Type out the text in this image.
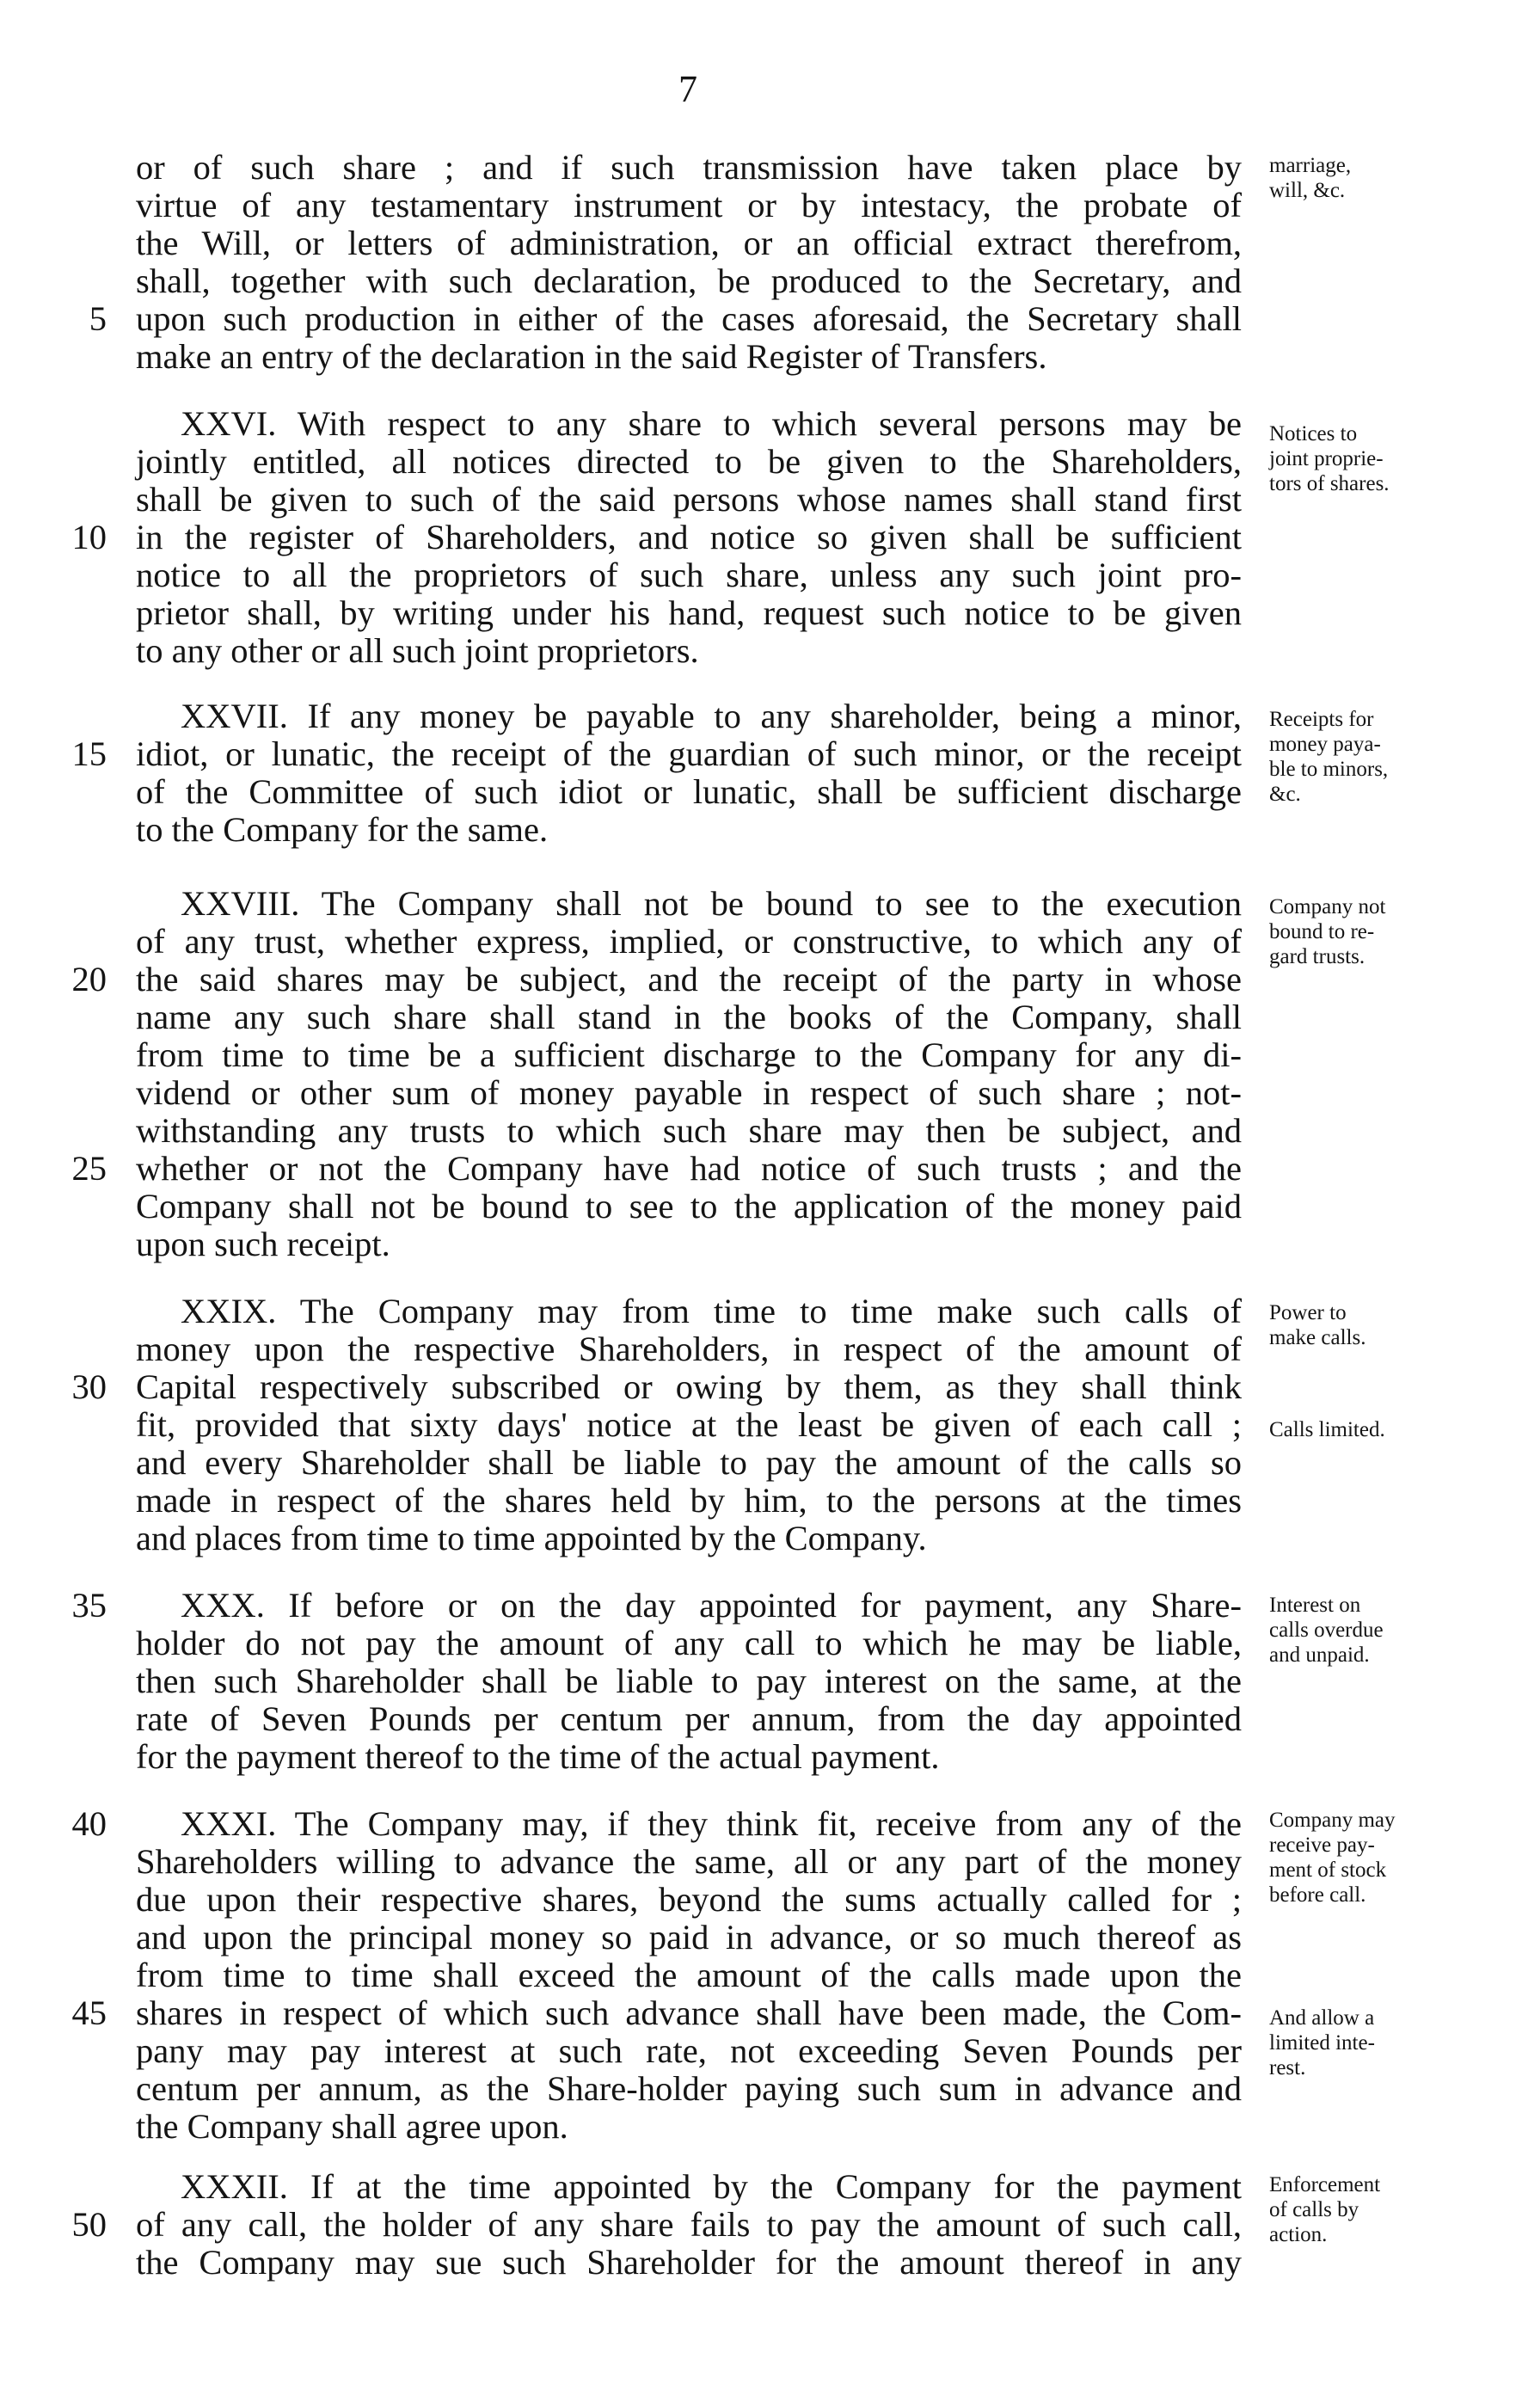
7
or of such share ; and if such transmission have taken place by
virtue of any testamentary instrument or by intestacy, the probate of
the Will, or letters of administration, or an official extract therefrom,
shall, together with such declaration, be produced to the Secretary, and
5 upon such production in either of the cases aforesaid, the Secretary shall
make an entry of the declaration in the said Register of Transfers.
marriage,
will, &c.
XXVI. With respect to any share to which several persons may be
jointly entitled, all notices directed to be given to the Shareholders,
shall be given to such of the said persons whose names shall stand first
10 in the register of Shareholders, and notice so given shall be sufficient
notice to all the proprietors of such share, unless any such joint pro-
prietor shall, by writing under his hand, request such notice to be given
to any other or all such joint proprietors.
Notices to
joint proprie-
tors of shares.
XXVII. If any money be payable to any shareholder, being a minor,
15 idiot, or lunatic, the receipt of the guardian of such minor, or the receipt
of the Committee of such idiot or lunatic, shall be sufficient discharge
to the Company for the same.
Receipts for
money paya-
ble to minors,
&c.
XXVIII. The Company shall not be bound to see to the execution
of any trust, whether express, implied, or constructive, to which any of
20 the said shares may be subject, and the receipt of the party in whose
name any such share shall stand in the books of the Company, shall
from time to time be a sufficient discharge to the Company for any di-
vidend or other sum of money payable in respect of such share ; not-
withstanding any trusts to which such share may then be subject, and
25 whether or not the Company have had notice of such trusts ; and the
Company shall not be bound to see to the application of the money paid
upon such receipt.
Company not
bound to re-
gard trusts.
XXIX. The Company may from time to time make such calls of
money upon the respective Shareholders, in respect of the amount of
30 Capital respectively subscribed or owing by them, as they shall think
fit, provided that sixty days' notice at the least be given of each call ;
and every Shareholder shall be liable to pay the amount of the calls so
made in respect of the shares held by him, to the persons at the times
and places from time to time appointed by the Company.
Power to
make calls.
Calls limited.
35	XXX. If before or on the day appointed for payment, any Share-
holder do not pay the amount of any call to which he may be liable,
then such Shareholder shall be liable to pay interest on the same, at the
rate of Seven Pounds per centum per annum, from the day appointed
for the payment thereof to the time of the actual payment.
Interest on
calls overdue
and unpaid.
40	XXXI. The Company may, if they think fit, receive from any of the
Shareholders willing to advance the same, all or any part of the money
due upon their respective shares, beyond the sums actually called for ;
and upon the principal money so paid in advance, or so much thereof as
from time to time shall exceed the amount of the calls made upon the
45 shares in respect of which such advance shall have been made, the Com-
pany may pay interest at such rate, not exceeding Seven Pounds per
centum per annum, as the Share-holder paying such sum in advance and
the Company shall agree upon.
Company may
receive pay-
ment of stock
before call.
And allow a
limited inte-
rest.
XXXII. If at the time appointed by the Company for the payment
50 of any call, the holder of any share fails to pay the amount of such call,
the Company may sue such Shareholder for the amount thereof in any
Enforcement
of calls by
action.
